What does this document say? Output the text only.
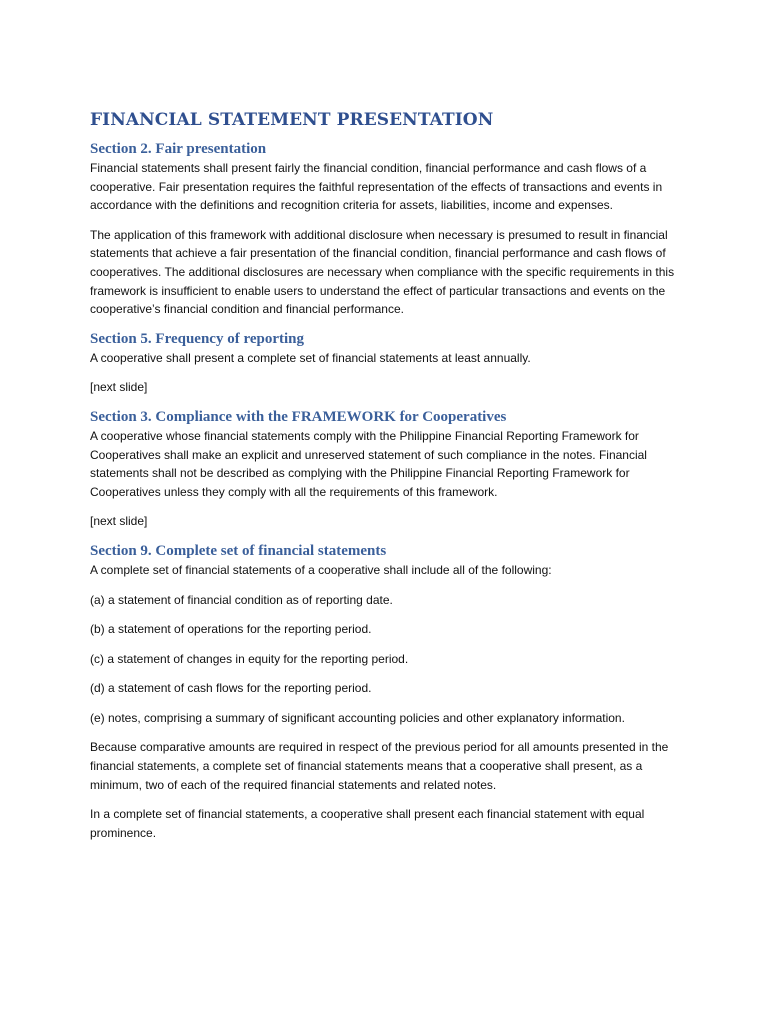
FINANCIAL STATEMENT PRESENTATION
Section 2. Fair presentation

Financial statements shall present fairly the financial condition, financial performance and cash flows of a cooperative. Fair presentation requires the faithful representation of the effects of transactions and events in accordance with the definitions and recognition criteria for assets, liabilities, income and expenses.

The application of this framework with additional disclosure when necessary is presumed to result in financial statements that achieve a fair presentation of the financial condition, financial performance and cash flows of cooperatives. The additional disclosures are necessary when compliance with the specific requirements in this framework is insufficient to enable users to understand the effect of particular transactions and events on the cooperative’s financial condition and financial performance.

Section 5. Frequency of reporting

A cooperative shall present a complete set of financial statements at least annually.

[next slide]

Section 3. Compliance with the FRAMEWORK for Cooperatives

A cooperative whose financial statements comply with the Philippine Financial Reporting Framework for Cooperatives shall make an explicit and unreserved statement of such compliance in the notes. Financial statements shall not be described as complying with the Philippine Financial Reporting Framework for Cooperatives unless they comply with all the requirements of this framework.

[next slide]

Section 9. Complete set of financial statements

A complete set of financial statements of a cooperative shall include all of the following:

(a) a statement of financial condition as of reporting date.

(b) a statement of operations for the reporting period.

(c) a statement of changes in equity for the reporting period.

(d) a statement of cash flows for the reporting period.

(e) notes, comprising a summary of significant accounting policies and other explanatory information.

Because comparative amounts are required in respect of the previous period for all amounts presented in the financial statements, a complete set of financial statements means that a cooperative shall present, as a minimum, two of each of the required financial statements and related notes.

In a complete set of financial statements, a cooperative shall present each financial statement with equal prominence.
